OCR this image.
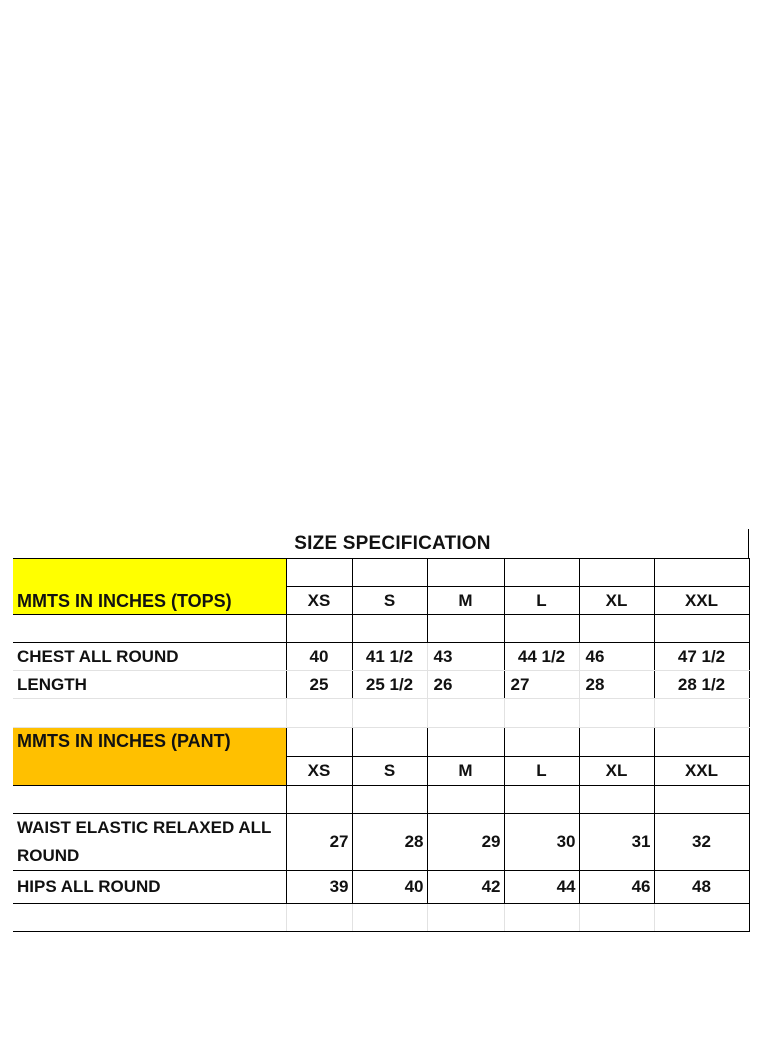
SIZE SPECIFICATION
MMTS IN INCHES (TOPS)						
	XS	S	M	L	XL	XXL

CHEST ALL ROUND	40	41 1/2	43	44 1/2	46	47 1/2
LENGTH	25	25 1/2	26	27	28	28 1/2

MMTS IN INCHES (PANT)						
	XS	S	M	L	XL	XXL

WAIST ELASTIC RELAXED ALL ROUND	27	28	29	30	31	32
HIPS ALL ROUND	39	40	42	44	46	48
